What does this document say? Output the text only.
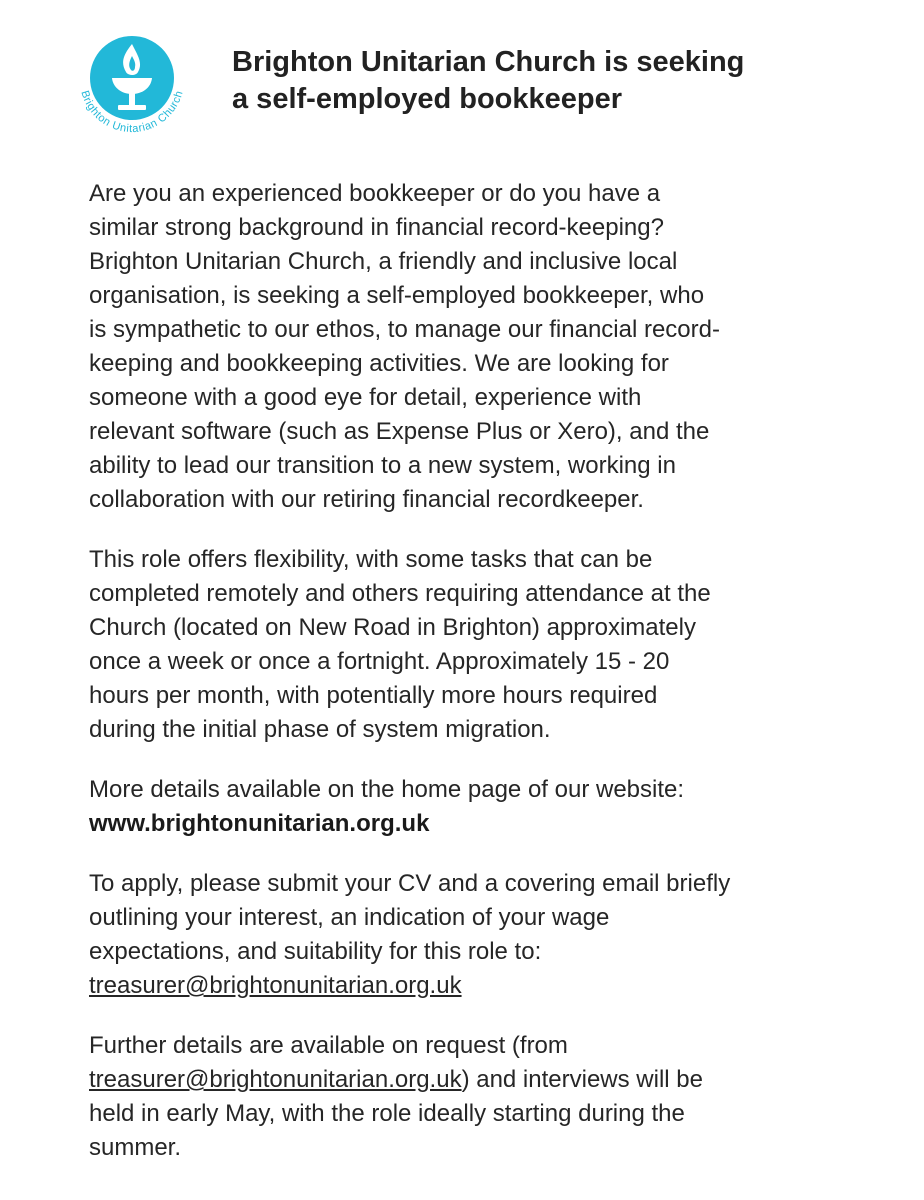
Brighton Unitarian Church
Brighton Unitarian Church is seeking
a self-employed bookkeeper

Are you an experienced bookkeeper or do you have a
similar strong background in financial record-keeping?
Brighton Unitarian Church, a friendly and inclusive local
organisation, is seeking a self-employed bookkeeper, who
is sympathetic to our ethos, to manage our financial record-
keeping and bookkeeping activities. We are looking for
someone with a good eye for detail, experience with
relevant software (such as Expense Plus or Xero), and the
ability to lead our transition to a new system, working in
collaboration with our retiring financial recordkeeper.

This role offers flexibility, with some tasks that can be
completed remotely and others requiring attendance at the
Church (located on New Road in Brighton) approximately
once a week or once a fortnight. Approximately 15 - 20
hours per month, with potentially more hours required
during the initial phase of system migration.

More details available on the home page of our website:
www.brightonunitarian.org.uk

To apply, please submit your CV and a covering email briefly
outlining your interest, an indication of your wage
expectations, and suitability for this role to:
treasurer@brightonunitarian.org.uk

Further details are available on request (from
treasurer@brightonunitarian.org.uk) and interviews will be
held in early May, with the role ideally starting during the
summer.
